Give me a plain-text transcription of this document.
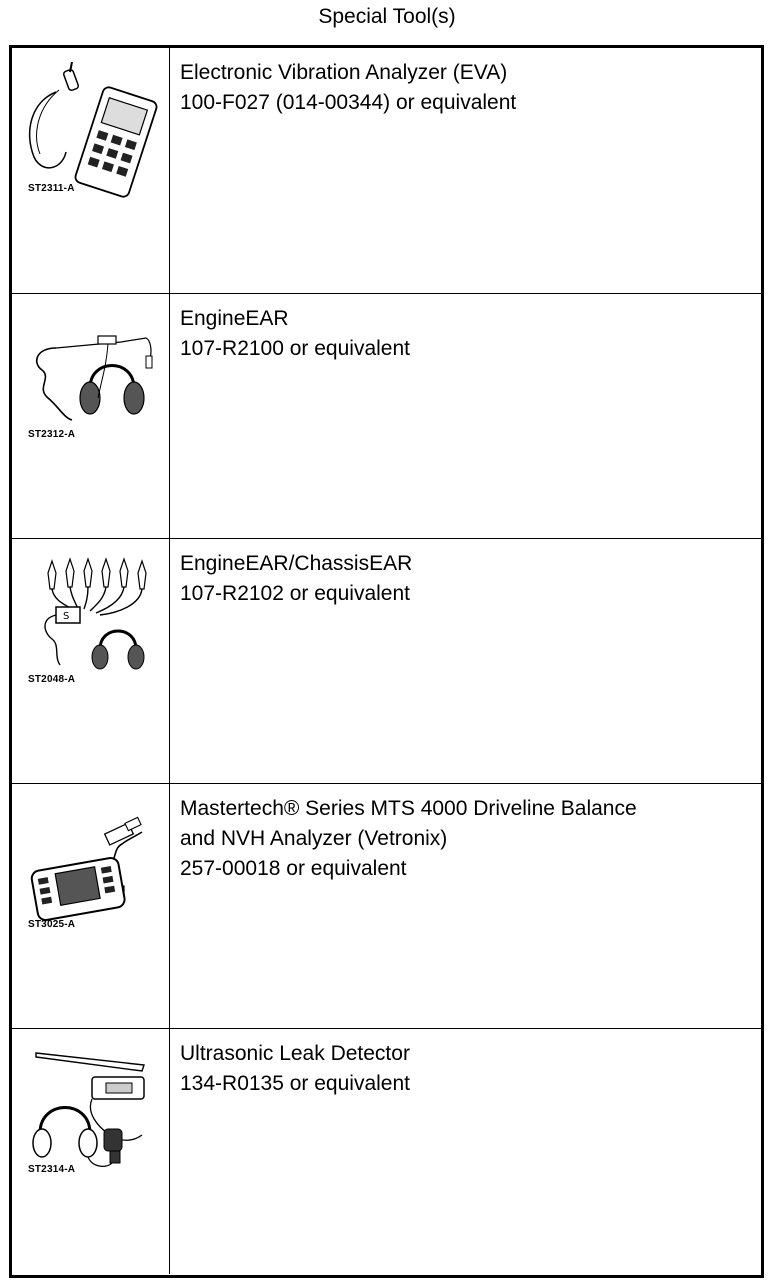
Special Tool(s)
ST2311-A
Electronic Vibration Analyzer (EVA)
100-F027 (014-00344) or equivalent
ST2312-A
EngineEAR
107-R2100 or equivalent
S
ST2048-A
EngineEAR/ChassisEAR
107-R2102 or equivalent
ST3025-A
Mastertech® Series MTS 4000 Driveline Balance
and NVH Analyzer (Vetronix)
257-00018 or equivalent
ST2314-A
Ultrasonic Leak Detector
134-R0135 or equivalent
